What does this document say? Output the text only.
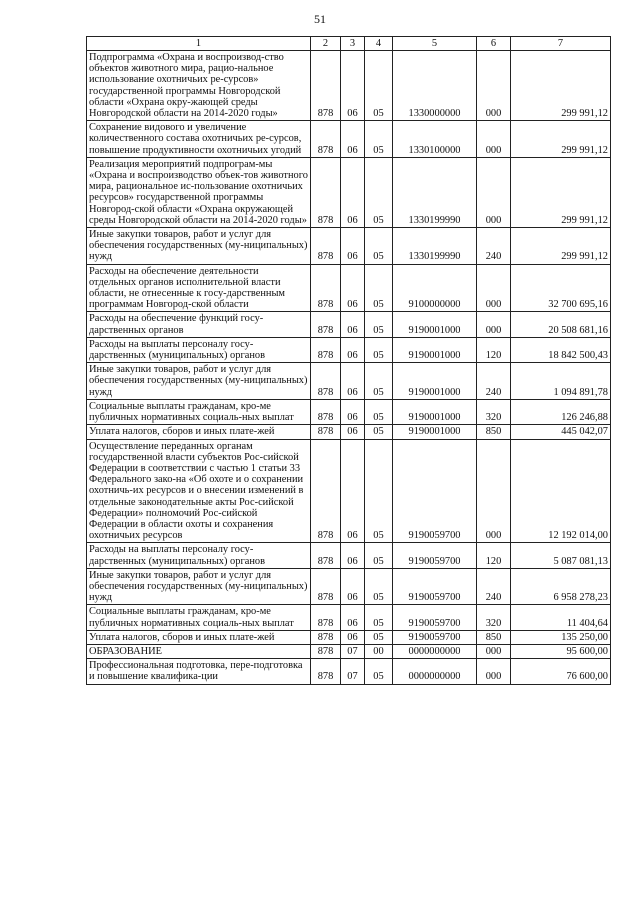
51
1	2	3	4	5	6	7
Подпрограмма «Охрана и воспроизвод-ство объектов животного мира, рацио-нальное использование охотничьих ре-сурсов» государственной программы Новгородской области «Охрана окру-жающей среды Новгородской области на 2014-2020 годы»	878	06	05	1330000000	000	299 991,12
Сохранение видового и увеличение количественного состава охотничьих ре-сурсов, повышение продуктивности охотничьих угодий	878	06	05	1330100000	000	299 991,12
Реализация мероприятий подпрограм-мы «Охрана и воспроизводство объек-тов животного мира, рациональное ис-пользование охотничьих ресурсов» государственной программы Новгород-ской области «Охрана окружающей среды Новгородской области на 2014-2020 годы»	878	06	05	1330199990	000	299 991,12
Иные закупки товаров, работ и услуг для обеспечения государственных (му-ниципальных) нужд	878	06	05	1330199990	240	299 991,12
Расходы на обеспечение деятельности отдельных органов исполнительной власти области, не отнесенные к госу-дарственным программам Новгород-ской области	878	06	05	9100000000	000	32 700 695,16
Расходы на обеспечение функций госу-дарственных органов	878	06	05	9190001000	000	20 508 681,16
Расходы на выплаты персоналу госу-дарственных (муниципальных) органов	878	06	05	9190001000	120	18 842 500,43
Иные закупки товаров, работ и услуг для обеспечения государственных (му-ниципальных) нужд	878	06	05	9190001000	240	1 094 891,78
Социальные выплаты гражданам, кро-ме публичных нормативных социаль-ных выплат	878	06	05	9190001000	320	126 246,88
Уплата налогов, сборов и иных плате-жей	878	06	05	9190001000	850	445 042,07
Осуществление переданных органам государственной власти субъектов Рос-сийской Федерации в соответствии с частью 1 статьи 33 Федерального зако-на «Об охоте и о сохранении охотничь-их ресурсов и о внесении изменений в отдельные законодательные акты Рос-сийской Федерации» полномочий Рос-сийской Федерации в области охоты и сохранения охотничьих ресурсов	878	06	05	9190059700	000	12 192 014,00
Расходы на выплаты персоналу госу-дарственных (муниципальных) органов	878	06	05	9190059700	120	5 087 081,13
Иные закупки товаров, работ и услуг для обеспечения государственных (му-ниципальных) нужд	878	06	05	9190059700	240	6 958 278,23
Социальные выплаты гражданам, кро-ме публичных нормативных социаль-ных выплат	878	06	05	9190059700	320	11 404,64
Уплата налогов, сборов и иных плате-жей	878	06	05	9190059700	850	135 250,00
ОБРАЗОВАНИЕ	878	07	00	0000000000	000	95 600,00
Профессиональная подготовка, пере-подготовка и повышение квалифика-ции	878	07	05	0000000000	000	76 600,00
